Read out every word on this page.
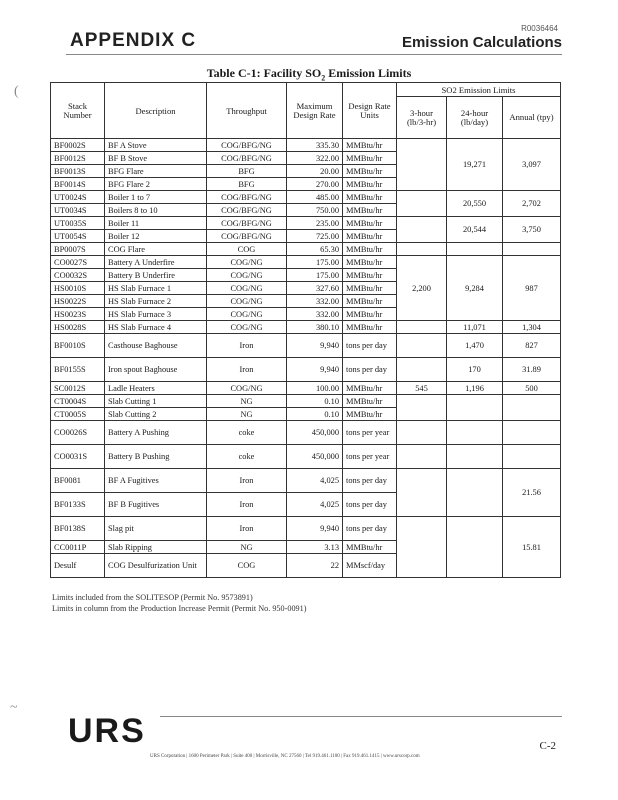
R0036464
APPENDIX C	Emission Calculations
(
Table C-1: Facility $SO_2$ Emission Limits
Stack Number	Description	Throughput	Maximum Design Rate	Design Rate Units	SO2 Emission Limits		
					3-hour (lb/3-hr)	24-hour (lb/day)	Annual (tpy)
BF0002S	BF A Stove	COG/BFG/NG	335.30	MMBtu/hr		19,271	3,097
BF0012S	BF B Stove	COG/BFG/NG	322.00	MMBtu/hr			
BF0013S	BFG Flare	BFG	20.00	MMBtu/hr			
BF0014S	BFG Flare 2	BFG	270.00	MMBtu/hr			
UT0024S	Boiler 1 to 7	COG/BFG/NG	485.00	MMBtu/hr		20,550	2,702
UT0034S	Boilers 8 to 10	COG/BFG/NG	750.00	MMBtu/hr			
UT0035S	Boiler 11	COG/BFG/NG	235.00	MMBtu/hr		20,544	3,750
UT0054S	Boiler 12	COG/BFG/NG	725.00	MMBtu/hr			
BP0007S	COG Flare	COG	65.30	MMBtu/hr			
CO0027S	Battery A Underfire	COG/NG	175.00	MMBtu/hr	2,200	9,284	987
CO0032S	Battery B Underfire	COG/NG	175.00	MMBtu/hr			
HS0010S	HS Slab Furnace 1	COG/NG	327.60	MMBtu/hr			
HS0022S	HS Slab Furnace 2	COG/NG	332.00	MMBtu/hr			
HS0023S	HS Slab Furnace 3	COG/NG	332.00	MMBtu/hr			
HS0028S	HS Slab Furnace 4	COG/NG	380.10	MMBtu/hr		11,071	1,304
BF0010S	Casthouse Baghouse	Iron	9,940	tons per day		1,470	827
BF0155S	Iron spout Baghouse	Iron	9,940	tons per day		170	31.89
SC0012S	Ladle Heaters	COG/NG	100.00	MMBtu/hr	545	1,196	500
CT0004S	Slab Cutting 1	NG	0.10	MMBtu/hr			
CT0005S	Slab Cutting 2	NG	0.10	MMBtu/hr			
CO0026S	Battery A Pushing	coke	450,000	tons per year			
CO0031S	Battery B Pushing	coke	450,000	tons per year			
BF0081	BF A Fugitives	Iron	4,025	tons per day			21.56
BF0133S	BF B Fugitives	Iron	4,025	tons per day			
BF0138S	Slag pit	Iron	9,940	tons per day			15.81
CC0011P	Slab Ripping	NG	3.13	MMBtu/hr			
Desulf	COG Desulfurization Unit	COG	22	MMscf/day			
Limits included from the SOLITESOP (Permit No. 9573891)
Limits in column from the Production Increase Permit (Permit No. 950-0091)
~
URS	C-2
URS Corporation | 1600 Perimeter Park | Suite 400 | Morrisville, NC 27560 | Tel 919.461.1100 | Fax 919.461.1415 | www.urscorp.com
